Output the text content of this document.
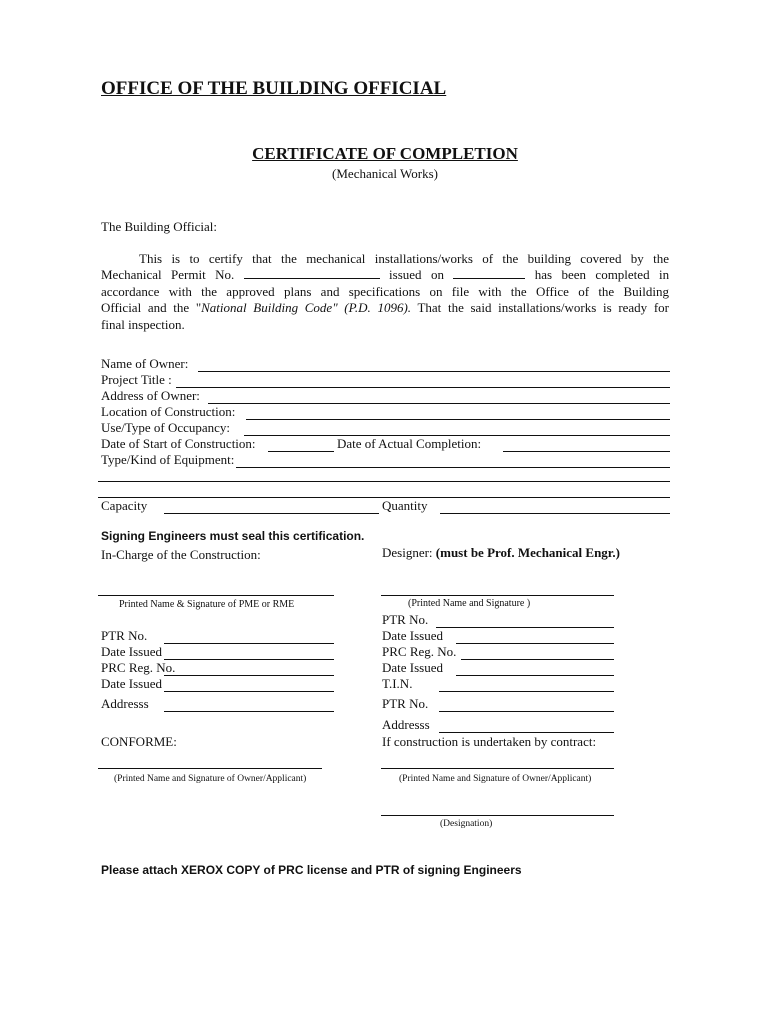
OFFICE OF THE BUILDING OFFICIAL
CERTIFICATE OF COMPLETION
(Mechanical Works)
The Building Official:
This is to certify that the mechanical installations/works of the building covered by the
Mechanical Permit No.	issued on	has been completed in
accordance with the approved plans and specifications on file with the Office of the Building
Official and the "National Building Code" (P.D. 1096). That the said installations/works is ready for
final inspection.
Name of Owner:
Project Title :
Address of Owner:
Location of Construction:
Use/Type of Occupancy:
Date of Start of Construction:	Date of Actual Completion:
Type/Kind of Equipment:
Capacity	Quantity
Signing Engineers must seal this certification.
In-Charge of the Construction:	Designer: (must be Prof. Mechanical Engr.)
Printed Name & Signature of PME or RME	(Printed Name and Signature )
PTR No.
Date Issued
PRC Reg. No.
Date Issued
Addresss
PTR No.
Date Issued
PRC Reg. No.
Date Issued
T.I.N.
PTR No.
Addresss
CONFORME:	If construction is undertaken by contract:
(Printed Name and Signature of Owner/Applicant)	(Printed Name and Signature of Owner/Applicant)
(Designation)
Please attach XEROX COPY of PRC license and PTR of signing Engineers
